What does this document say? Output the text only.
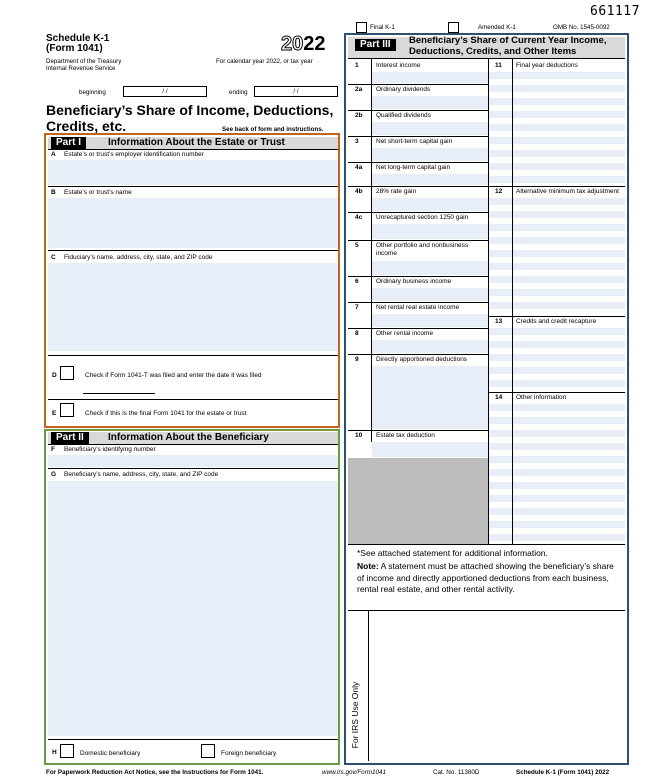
661117
Final K-1	Amended K-1	OMB No. 1545-0092
Schedule K-1
(Form 1041)	2022
Department of the Treasury
Internal Revenue Service
For calendar year 2022, or tax year
beginning	/ /	ending	/ /
Beneficiary’s Share of Income, Deductions,
Credits, etc.	See back of form and instructions.
Part I	Information About the Estate or Trust
A Estate’s or trust’s employer identification number
B Estate’s or trust’s name
C Fiduciary’s name, address, city, state, and ZIP code
D	Check if Form 1041-T was filed and enter the date it was filed
E	Check if this is the final Form 1041 for the estate or trust
Part II	Information About the Beneficiary
F Beneficiary’s identifying number
G Beneficiary’s name, address, city, state, and ZIP code
H	Domestic beneficiary	Foreign beneficiary
Part III	Beneficiary’s Share of Current Year Income,
Deductions, Credits, and Other Items
1	Interest income
2a Ordinary dividends
2b Qualified dividends
3	Net short-term capital gain
4a Net long-term capital gain
4b 28% rate gain
4c Unrecaptured section 1250 gain
5	Other portfolio and nonbusiness income
6	Ordinary business income
7	Net rental real estate income
8	Other rental income
9	Directly apportioned deductions
10 Estate tax deduction
11 Final year deductions
12 Alternative minimum tax adjustment
13 Credits and credit recapture
14 Other information
*See attached statement for additional information.
Note: A statement must be attached showing the beneficiary’s share of income and directly apportioned deductions from each business, rental real estate, and other rental activity.
For IRS Use Only
For Paperwork Reduction Act Notice, see the Instructions for Form 1041.	www.irs.gov/Form1041	Cat. No. 11380D	Schedule K-1 (Form 1041) 2022
